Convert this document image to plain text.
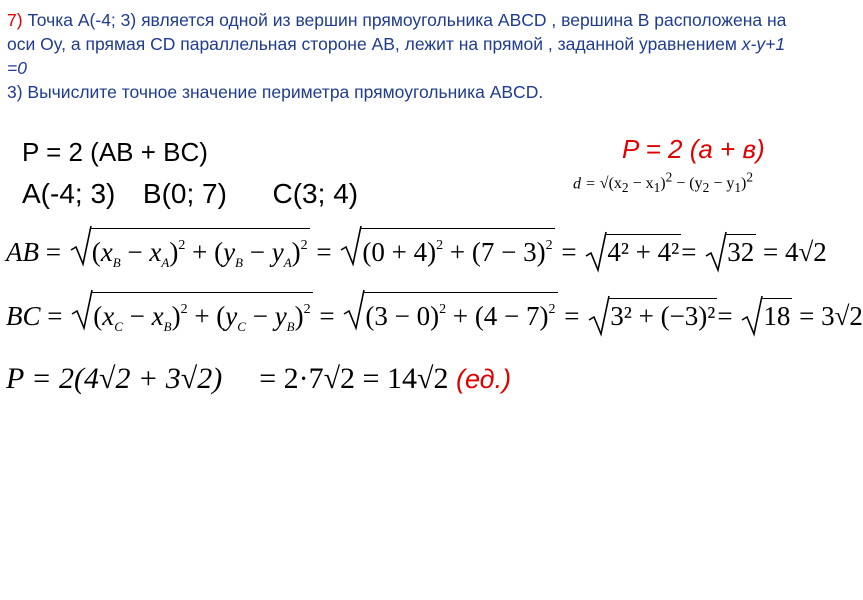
7) Точка А(-4; 3) является одной из вершин прямоугольника ABCD , вершина В расположена на оси Oy, а прямая CD параллельная стороне АВ, лежит на прямой , заданной уравнением x-y+1 =0
3) Вычислите точное значение периметра прямоугольника ABCD.
P = 2 (AB + BC)	P = 2 (a + в)
A(-4; 3) B(0; 7) C(3; 4)	$d = √(x_2 - x_1)^2 - (y_2 - y_1)^2$
AB =
$(x_B - x_A)^2 + (y_B - y_A)^2$ =
$(0 + 4)^2 + (7 - 3)^2$ =
4² + 4²=
32 = 4√2
BC =
$(x_C - x_B)^2 + (y_C - y_B)^2$ =
$(3 - 0)^2 + (4 - 7)^2$ =
3² + (−3)²=
18 = 3√2
P = 2(4√2 + 3√2) = 2·7√2 = 14√2 (ед.)
